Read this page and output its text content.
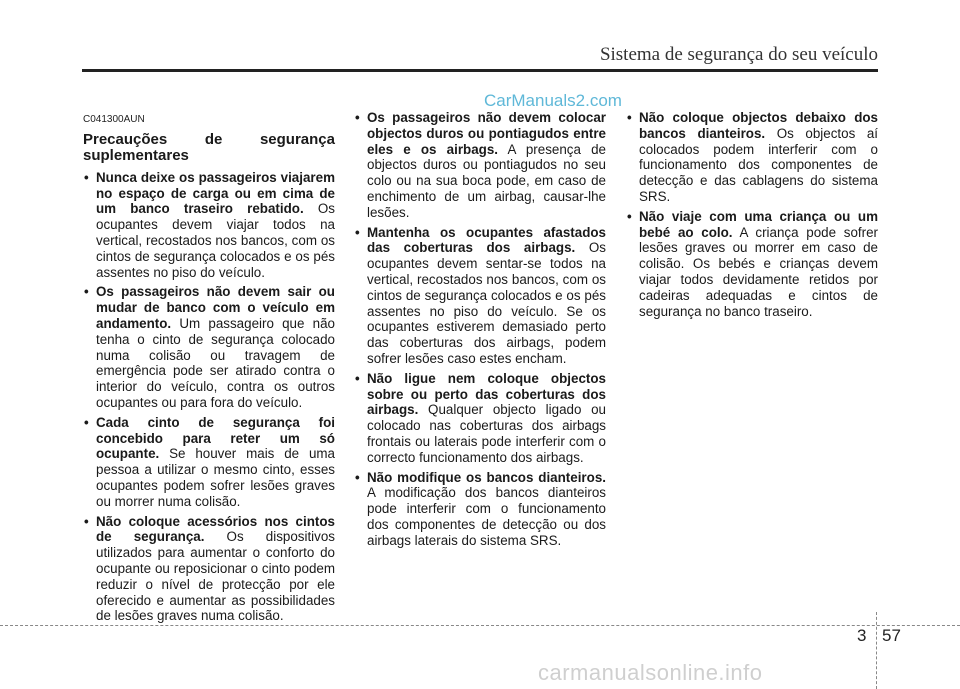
Sistema de segurança do seu veículo
CarManuals2.com

C041300AUN

Precauções de segurança suplementares
• Nunca deixe os passageiros viajarem no espaço de carga ou em cima de um banco traseiro rebatido. Os ocupantes devem viajar todos na vertical, recostados nos bancos, com os cintos de segurança colocados e os pés assentes no piso do veículo.
• Os passageiros não devem sair ou mudar de banco com o veículo em andamento. Um passageiro que não tenha o cinto de segurança colocado numa colisão ou travagem de emergência pode ser atirado contra o interior do veículo, contra os outros ocupantes ou para fora do veículo.
• Cada cinto de segurança foi concebido para reter um só ocupante. Se houver mais de uma pessoa a utilizar o mesmo cinto, esses ocupantes podem sofrer lesões graves ou morrer numa colisão.
• Não coloque acessórios nos cintos de segurança. Os dispositivos utilizados para aumentar o conforto do ocupante ou reposicionar o cinto podem reduzir o nível de protecção por ele oferecido e aumentar as possibilidades de lesões graves numa colisão.
• Os passageiros não devem colocar objectos duros ou pontiagudos entre eles e os airbags. A presença de objectos duros ou pontiagudos no seu colo ou na sua boca pode, em caso de enchimento de um airbag, causar-lhe lesões.
• Mantenha os ocupantes afastados das coberturas dos airbags. Os ocupantes devem sentar-se todos na vertical, recostados nos bancos, com os cintos de segurança colocados e os pés assentes no piso do veículo. Se os ocupantes estiverem demasiado perto das coberturas dos airbags, podem sofrer lesões caso estes encham.
• Não ligue nem coloque objectos sobre ou perto das coberturas dos airbags. Qualquer objecto ligado ou colocado nas coberturas dos airbags frontais ou laterais pode interferir com o correcto funcionamento dos airbags.
• Não modifique os bancos dianteiros. A modificação dos bancos dianteiros pode interferir com o funcionamento dos componentes de detecção ou dos airbags laterais do sistema SRS.
• Não coloque objectos debaixo dos bancos dianteiros. Os objectos aí colocados podem interferir com o funcionamento dos componentes de detecção e das cablagens do sistema SRS.
• Não viaje com uma criança ou um bebé ao colo. A criança pode sofrer lesões graves ou morrer em caso de colisão. Os bebés e crianças devem viajar todos devidamente retidos por cadeiras adequadas e cintos de segurança no banco traseiro.
3 57
carmanualsonline.info
